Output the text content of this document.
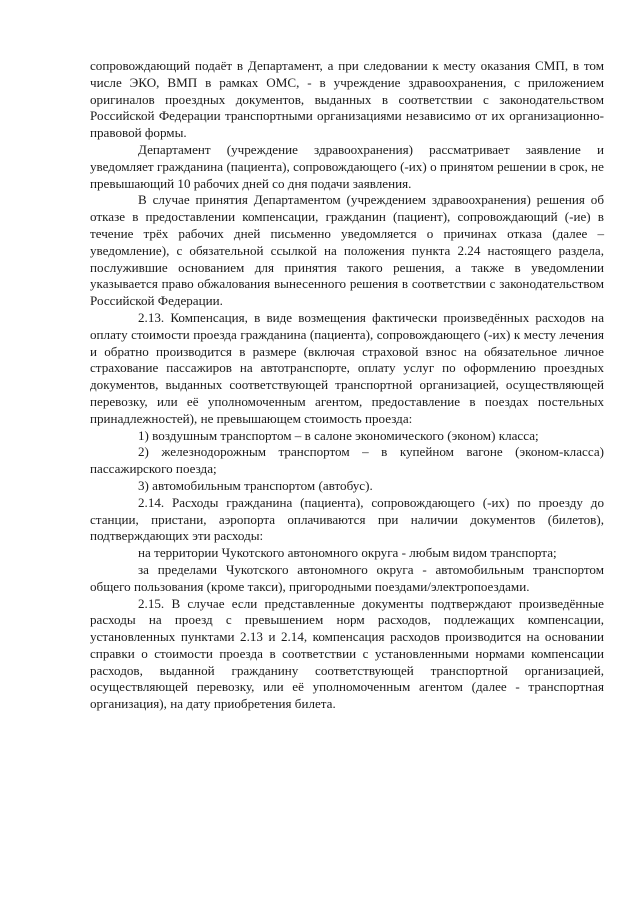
сопровождающий подаёт в Департамент, а при следовании к месту оказания СМП, в том числе ЭКО, ВМП в рамках ОМС, - в учреждение здравоохранения, с приложением оригиналов проездных документов, выданных в соответствии с законодательством Российской Федерации транспортными организациями независимо от их организационно-правовой формы.

Департамент (учреждение здравоохранения) рассматривает заявление и уведомляет гражданина (пациента), сопровождающего (-их) о принятом решении в срок, не превышающий 10 рабочих дней со дня подачи заявления.

В случае принятия Департаментом (учреждением здравоохранения) решения об отказе в предоставлении компенсации, гражданин (пациент), сопровождающий (-ие) в течение трёх рабочих дней письменно уведомляется о причинах отказа (далее – уведомление), с обязательной ссылкой на положения пункта 2.24 настоящего раздела, послужившие основанием для принятия такого решения, а также в уведомлении указывается право обжалования вынесенного решения в соответствии с законодательством Российской Федерации.

2.13. Компенсация, в виде возмещения фактически произведённых расходов на оплату стоимости проезда гражданина (пациента), сопровождающего (-их) к месту лечения и обратно производится в размере (включая страховой взнос на обязательное личное страхование пассажиров на автотранспорте, оплату услуг по оформлению проездных документов, выданных соответствующей транспортной организацией, осуществляющей перевозку, или её уполномоченным агентом, предоставление в поездах постельных принадлежностей), не превышающем стоимость проезда:

1) воздушным транспортом – в салоне экономического (эконом) класса;

2) железнодорожным транспортом – в купейном вагоне (эконом-класса) пассажирского поезда;

3) автомобильным транспортом (автобус).

2.14. Расходы гражданина (пациента), сопровождающего (-их) по проезду до станции, пристани, аэропорта оплачиваются при наличии документов (билетов), подтверждающих эти расходы:

на территории Чукотского автономного округа - любым видом транспорта;

за пределами Чукотского автономного округа - автомобильным транспортом общего пользования (кроме такси), пригородными поездами/электропоездами.

2.15. В случае если представленные документы подтверждают произведённые расходы на проезд с превышением норм расходов, подлежащих компенсации, установленных пунктами 2.13 и 2.14, компенсация расходов производится на основании справки о стоимости проезда в соответствии с установленными нормами компенсации расходов, выданной гражданину соответствующей транспортной организацией, осуществляющей перевозку, или её уполномоченным агентом (далее - транспортная организация), на дату приобретения билета.
